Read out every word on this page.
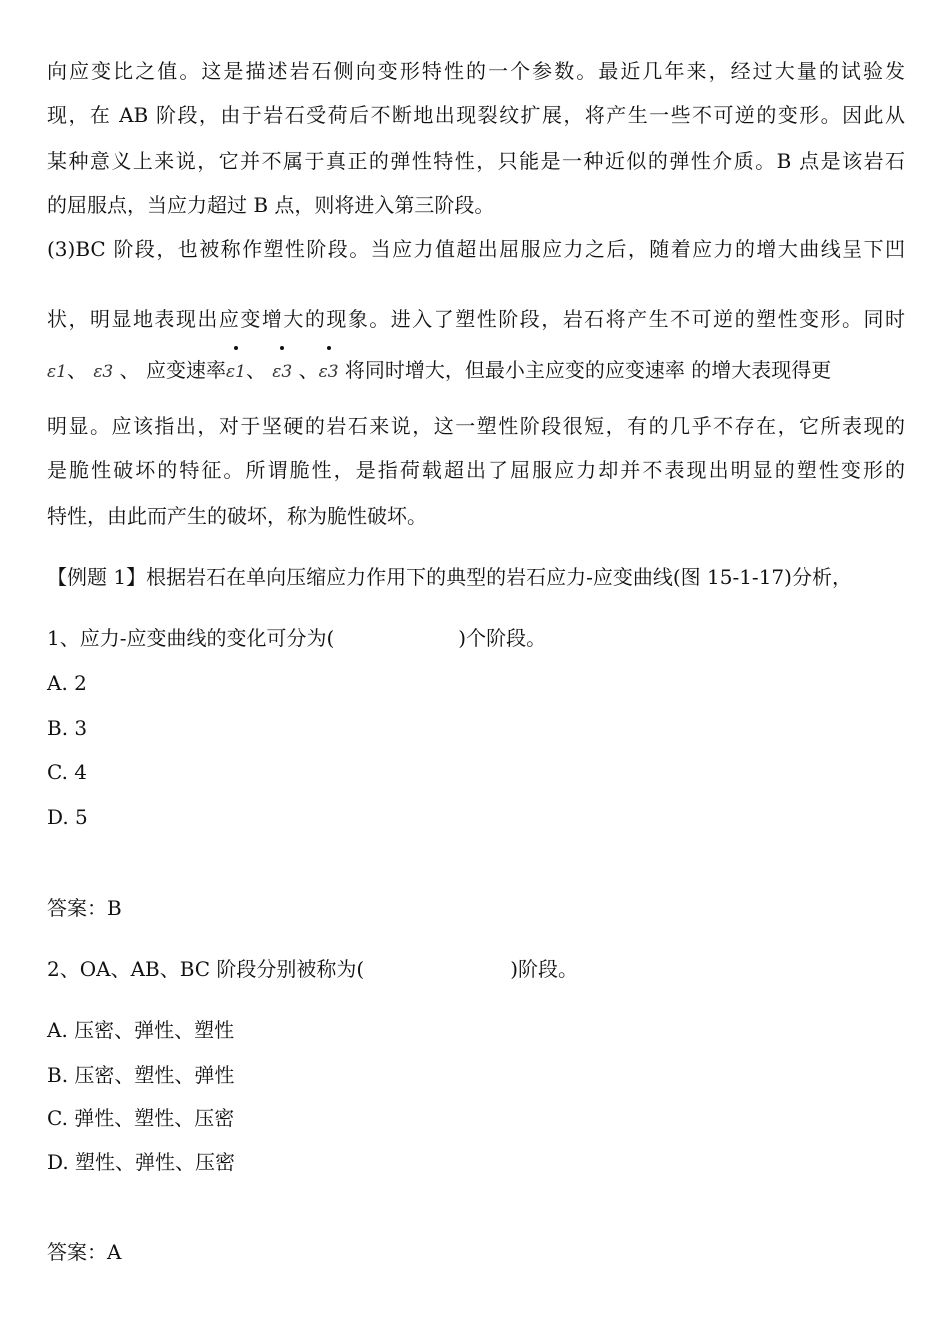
向应变比之值。这是描述岩石侧向变形特性的一个参数。最近几年来，经过大量的试验发
现，在 AB 阶段，由于岩石受荷后不断地出现裂纹扩展，将产生一些不可逆的变形。因此从
某种意义上来说，它并不属于真正的弹性特性，只能是一种近似的弹性介质。B 点是该岩石
的屈服点，当应力超过 B 点，则将进入第三阶段。
(3)BC 阶段，也被称作塑性阶段。当应力值超出屈服应力之后，随着应力的增大曲线呈下凹
状，明显地表现出应变增大的现象。进入了塑性阶段，岩石将产生不可逆的塑性变形。同时
ε1、 ε3 、 应变速率ε1、 ε3 、ε3 将同时增大，但最小主应变的应变速率 的增大表现得更
明显。应该指出，对于坚硬的岩石来说，这一塑性阶段很短，有的几乎不存在，它所表现的
是脆性破坏的特征。所谓脆性，是指荷载超出了屈服应力却并不表现出明显的塑性变形的
特性，由此而产生的破坏，称为脆性破坏。
【例题 1】根据岩石在单向压缩应力作用下的典型的岩石应力-应变曲线(图 15-1-17)分析，
1、应力-应变曲线的变化可分为(	)个阶段。
A. 2
B. 3
C. 4
D. 5
答案：B
2、OA、AB、BC 阶段分别被称为(	)阶段。
A. 压密、弹性、塑性
B. 压密、塑性、弹性
C. 弹性、塑性、压密
D. 塑性、弹性、压密
答案：A
